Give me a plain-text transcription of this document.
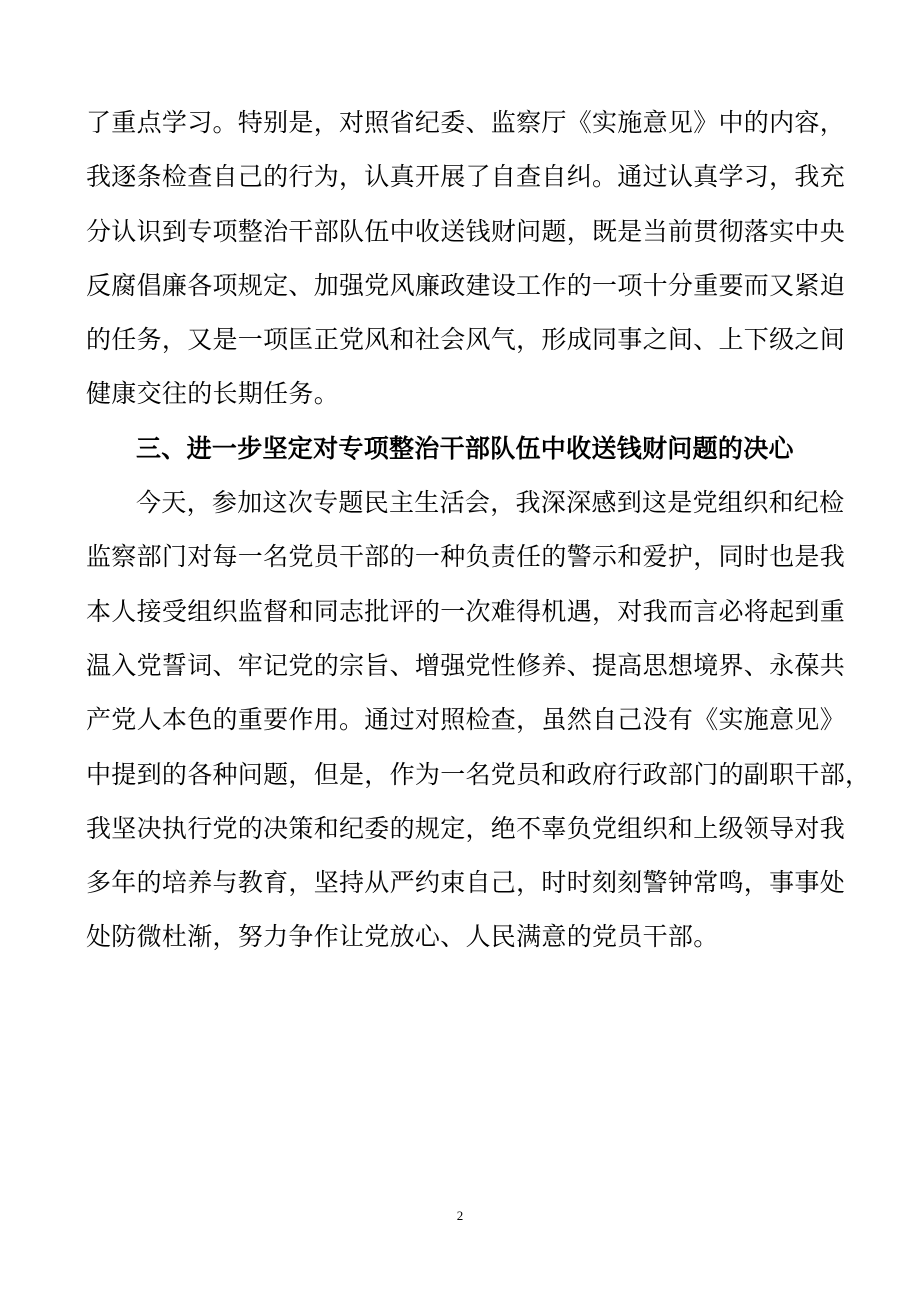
了重点学习。特别是，对照省纪委、监察厅《实施意见》中的内容，
我逐条检查自己的行为，认真开展了自查自纠。通过认真学习，我充
分认识到专项整治干部队伍中收送钱财问题，既是当前贯彻落实中央
反腐倡廉各项规定、加强党风廉政建设工作的一项十分重要而又紧迫
的任务，又是一项匡正党风和社会风气，形成同事之间、上下级之间
健康交往的长期任务。
三、进一步坚定对专项整治干部队伍中收送钱财问题的决心
今天，参加这次专题民主生活会，我深深感到这是党组织和纪检
监察部门对每一名党员干部的一种负责任的警示和爱护，同时也是我
本人接受组织监督和同志批评的一次难得机遇，对我而言必将起到重
温入党誓词、牢记党的宗旨、增强党性修养、提高思想境界、永葆共
产党人本色的重要作用。通过对照检查，虽然自己没有《实施意见》
中提到的各种问题，但是，作为一名党员和政府行政部门的副职干部，
我坚决执行党的决策和纪委的规定，绝不辜负党组织和上级领导对我
多年的培养与教育，坚持从严约束自己，时时刻刻警钟常鸣，事事处
处防微杜渐，努力争作让党放心、人民满意的党员干部。
2
